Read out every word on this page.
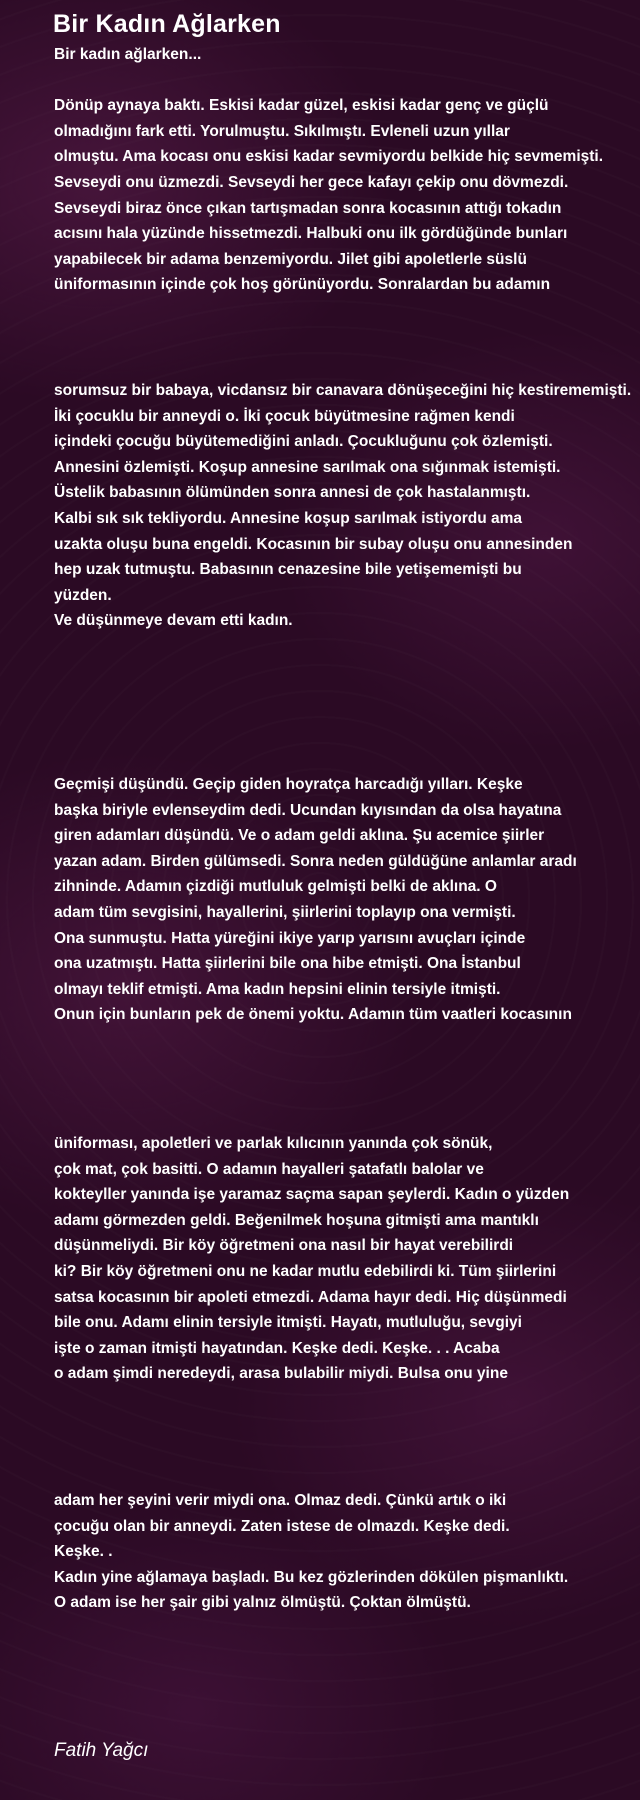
Bir Kadın Ağlarken
Bir kadın ağlarken...
Dönüp aynaya baktı. Eskisi kadar güzel, eskisi kadar genç ve güçlü
olmadığını fark etti. Yorulmuştu. Sıkılmıştı. Evleneli uzun yıllar
olmuştu. Ama kocası onu eskisi kadar sevmiyordu belkide hiç sevmemişti.
Sevseydi onu üzmezdi. Sevseydi her gece kafayı çekip onu dövmezdi.
Sevseydi biraz önce çıkan tartışmadan sonra kocasının attığı tokadın
acısını hala yüzünde hissetmezdi. Halbuki onu ilk gördüğünde bunları
yapabilecek bir adama benzemiyordu. Jilet gibi apoletlerle süslü
üniformasının içinde çok hoş görünüyordu. Sonralardan bu adamın
sorumsuz bir babaya, vicdansız bir canavara dönüşeceğini hiç kestirememişti.
İki çocuklu bir anneydi o. İki çocuk büyütmesine rağmen kendi
içindeki çocuğu büyütemediğini anladı. Çocukluğunu çok özlemişti.
Annesini özlemişti. Koşup annesine sarılmak ona sığınmak istemişti.
Üstelik babasının ölümünden sonra annesi de çok hastalanmıştı.
Kalbi sık sık tekliyordu. Annesine koşup sarılmak istiyordu ama
uzakta oluşu buna engeldi. Kocasının bir subay oluşu onu annesinden
hep uzak tutmuştu. Babasının cenazesine bile yetişememişti bu
yüzden.
Ve düşünmeye devam etti kadın.
Geçmişi düşündü. Geçip giden hoyratça harcadığı yılları. Keşke
başka biriyle evlenseydim dedi. Ucundan kıyısından da olsa hayatına
giren adamları düşündü. Ve o adam geldi aklına. Şu acemice şiirler
yazan adam. Birden gülümsedi. Sonra neden güldüğüne anlamlar aradı
zihninde. Adamın çizdiği mutluluk gelmişti belki de aklına. O
adam tüm sevgisini, hayallerini, şiirlerini toplayıp ona vermişti.
Ona sunmuştu. Hatta yüreğini ikiye yarıp yarısını avuçları içinde
ona uzatmıştı. Hatta şiirlerini bile ona hibe etmişti. Ona İstanbul
olmayı teklif etmişti. Ama kadın hepsini elinin tersiyle itmişti.
Onun için bunların pek de önemi yoktu. Adamın tüm vaatleri kocasının
üniforması, apoletleri ve parlak kılıcının yanında çok sönük,
çok mat, çok basitti. O adamın hayalleri şatafatlı balolar ve
kokteyller yanında işe yaramaz saçma sapan şeylerdi. Kadın o yüzden
adamı görmezden geldi. Beğenilmek hoşuna gitmişti ama mantıklı
düşünmeliydi. Bir köy öğretmeni ona nasıl bir hayat verebilirdi
ki? Bir köy öğretmeni onu ne kadar mutlu edebilirdi ki. Tüm şiirlerini
satsa kocasının bir apoleti etmezdi. Adama hayır dedi. Hiç düşünmedi
bile onu. Adamı elinin tersiyle itmişti. Hayatı, mutluluğu, sevgiyi
işte o zaman itmişti hayatından. Keşke dedi. Keşke. . . Acaba
o adam şimdi neredeydi, arasa bulabilir miydi. Bulsa onu yine
adam her şeyini verir miydi ona. Olmaz dedi. Çünkü artık o iki
çocuğu olan bir anneydi. Zaten istese de olmazdı. Keşke dedi.
Keşke. .
Kadın yine ağlamaya başladı. Bu kez gözlerinden dökülen pişmanlıktı.
O adam ise her şair gibi yalnız ölmüştü. Çoktan ölmüştü.

Fatih Yağcı
